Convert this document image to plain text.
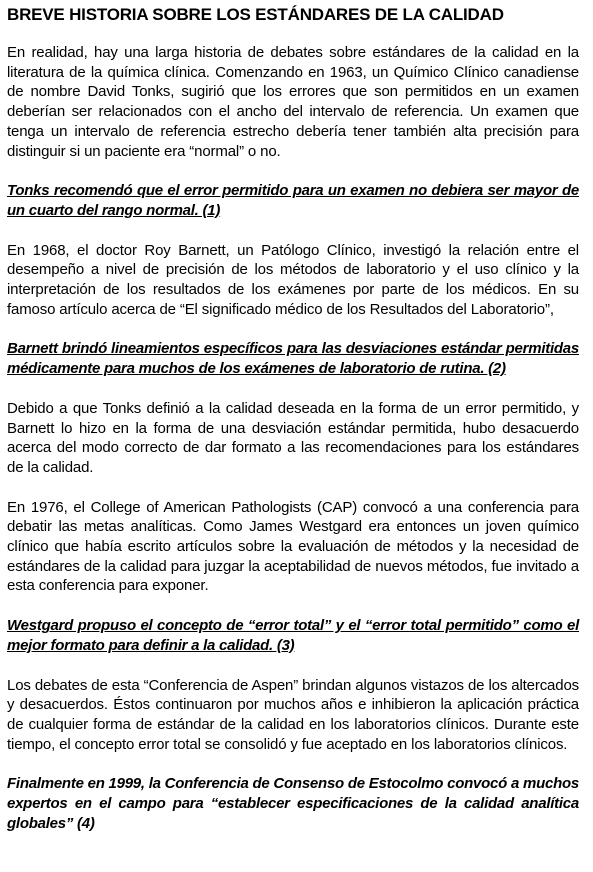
BREVE HISTORIA SOBRE LOS ESTÁNDARES DE LA CALIDAD

En realidad, hay una larga historia de debates sobre estándares de la calidad en la literatura de la química clínica. Comenzando en 1963, un Químico Clínico canadiense de nombre David Tonks, sugirió que los errores que son permitidos en un examen deberían ser relacionados con el ancho del intervalo de referencia. Un examen que tenga un intervalo de referencia estrecho debería tener también alta precisión para distinguir si un paciente era “normal” o no.

Tonks recomendó que el error permitido para un examen no debiera ser mayor de un cuarto del rango normal. (1)

En 1968, el doctor Roy Barnett, un Patólogo Clínico, investigó la relación entre el desempeño a nivel de precisión de los métodos de laboratorio y el uso clínico y la interpretación de los resultados de los exámenes por parte de los médicos. En su famoso artículo acerca de “El significado médico de los Resultados del Laboratorio”,

Barnett brindó lineamientos específicos para las desviaciones estándar permitidas médicamente para muchos de los exámenes de laboratorio de rutina. (2)

Debido a que Tonks definió a la calidad deseada en la forma de un error permitido, y Barnett lo hizo en la forma de una desviación estándar permitida, hubo desacuerdo acerca del modo correcto de dar formato a las recomendaciones para los estándares de la calidad.

En 1976, el College of American Pathologists (CAP) convocó a una conferencia para debatir las metas analíticas. Como James Westgard era entonces un joven químico clínico que había escrito artículos sobre la evaluación de métodos y la necesidad de estándares de la calidad para juzgar la aceptabilidad de nuevos métodos, fue invitado a esta conferencia para exponer.

Westgard propuso el concepto de “error total” y el “error total permitido” como el mejor formato para definir a la calidad. (3)

Los debates de esta “Conferencia de Aspen” brindan algunos vistazos de los altercados y desacuerdos. Éstos continuaron por muchos años e inhibieron la aplicación práctica de cualquier forma de estándar de la calidad en los laboratorios clínicos. Durante este tiempo, el concepto error total se consolidó y fue aceptado en los laboratorios clínicos.

Finalmente en 1999, la Conferencia de Consenso de Estocolmo convocó a muchos expertos en el campo para “establecer especificaciones de la calidad analítica globales” (4)
